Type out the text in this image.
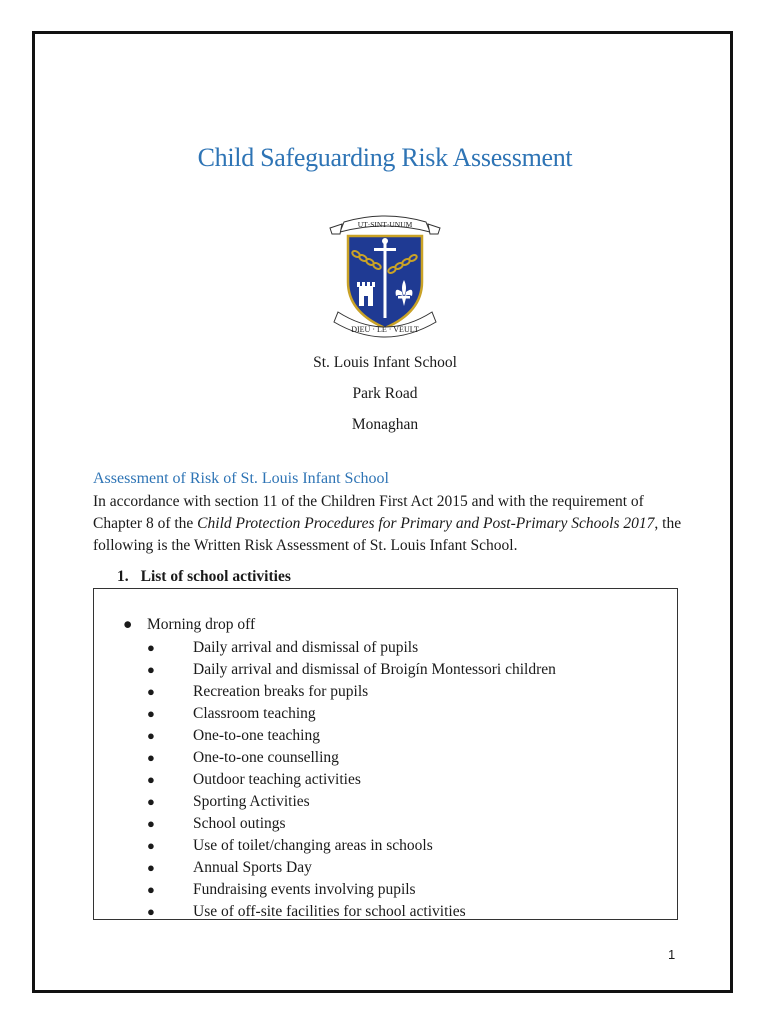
Child Safeguarding Risk Assessment
UT·SINT·UNUM
DIEU · LE · VEULT
St. Louis Infant School
Park Road
Monaghan
Assessment of Risk of St. Louis Infant School
In accordance with section 11 of the Children First Act 2015 and with the requirement of Chapter 8 of the Child Protection Procedures for Primary and Post-Primary Schools 2017, the following is the Written Risk Assessment of St. Louis Infant School.
1. List of school activities
● Morning drop off
● Daily arrival and dismissal of pupils
● Daily arrival and dismissal of Broigín Montessori children
● Recreation breaks for pupils
● Classroom teaching
● One-to-one teaching
● One-to-one counselling
● Outdoor teaching activities
● Sporting Activities
● School outings
● Use of toilet/changing areas in schools
● Annual Sports Day
● Fundraising events involving pupils
● Use of off-site facilities for school activities
1
